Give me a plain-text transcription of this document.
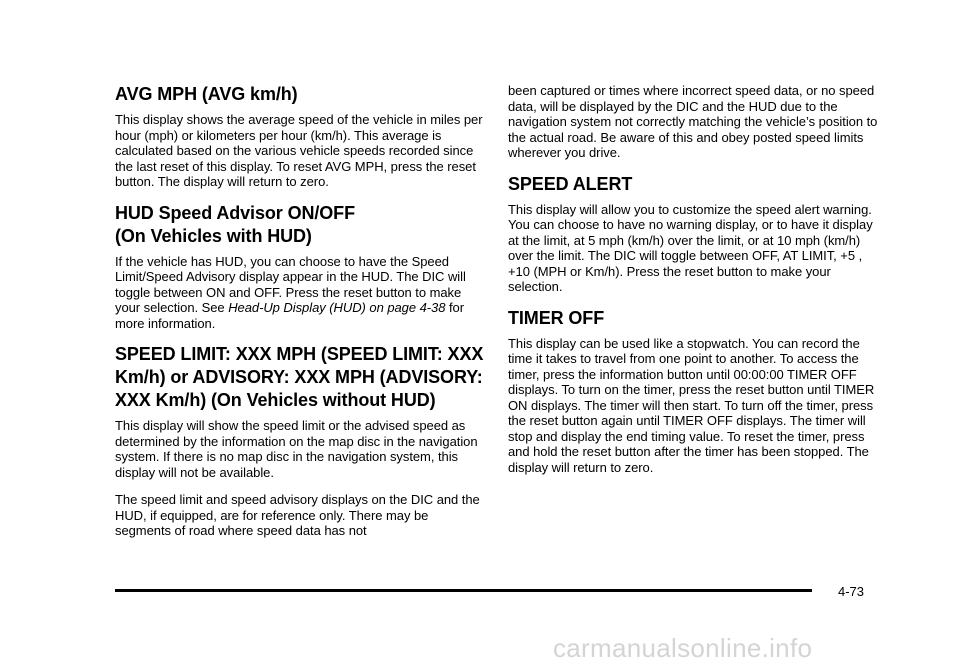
AVG MPH (AVG km/h)

This display shows the average speed of the vehicle in miles per hour (mph) or kilometers per hour (km/h). This average is calculated based on the various vehicle speeds recorded since the last reset of this display. To reset AVG MPH, press the reset button. The display will return to zero.

HUD Speed Advisor ON/OFF
(On Vehicles with HUD)

If the vehicle has HUD, you can choose to have the Speed Limit/Speed Advisory display appear in the HUD. The DIC will toggle between ON and OFF. Press the reset button to make your selection. See Head-Up Display (HUD) on page 4-38 for more information.

SPEED LIMIT: XXX MPH (SPEED LIMIT: XXX Km/h) or ADVISORY: XXX MPH (ADVISORY: XXX Km/h) (On Vehicles without HUD)

This display will show the speed limit or the advised speed as determined by the information on the map disc in the navigation system. If there is no map disc in the navigation system, this display will not be available.

The speed limit and speed advisory displays on the DIC and the HUD, if equipped, are for reference only. There may be segments of road where speed data has not

been captured or times where incorrect speed data, or no speed data, will be displayed by the DIC and the HUD due to the navigation system not correctly matching the vehicle’s position to the actual road. Be aware of this and obey posted speed limits wherever you drive.

SPEED ALERT

This display will allow you to customize the speed alert warning. You can choose to have no warning display, or to have it display at the limit, at 5 mph (km/h) over the limit, or at 10 mph (km/h) over the limit. The DIC will toggle between OFF, AT LIMIT, +5 , +10 (MPH or Km/h). Press the reset button to make your selection.

TIMER OFF

This display can be used like a stopwatch. You can record the time it takes to travel from one point to another. To access the timer, press the information button until 00:00:00 TIMER OFF displays. To turn on the timer, press the reset button until TIMER ON displays. The timer will then start. To turn off the timer, press the reset button again until TIMER OFF displays. The timer will stop and display the end timing value. To reset the timer, press and hold the reset button after the timer has been stopped. The display will return to zero.

4-73
carmanualsonline.info
